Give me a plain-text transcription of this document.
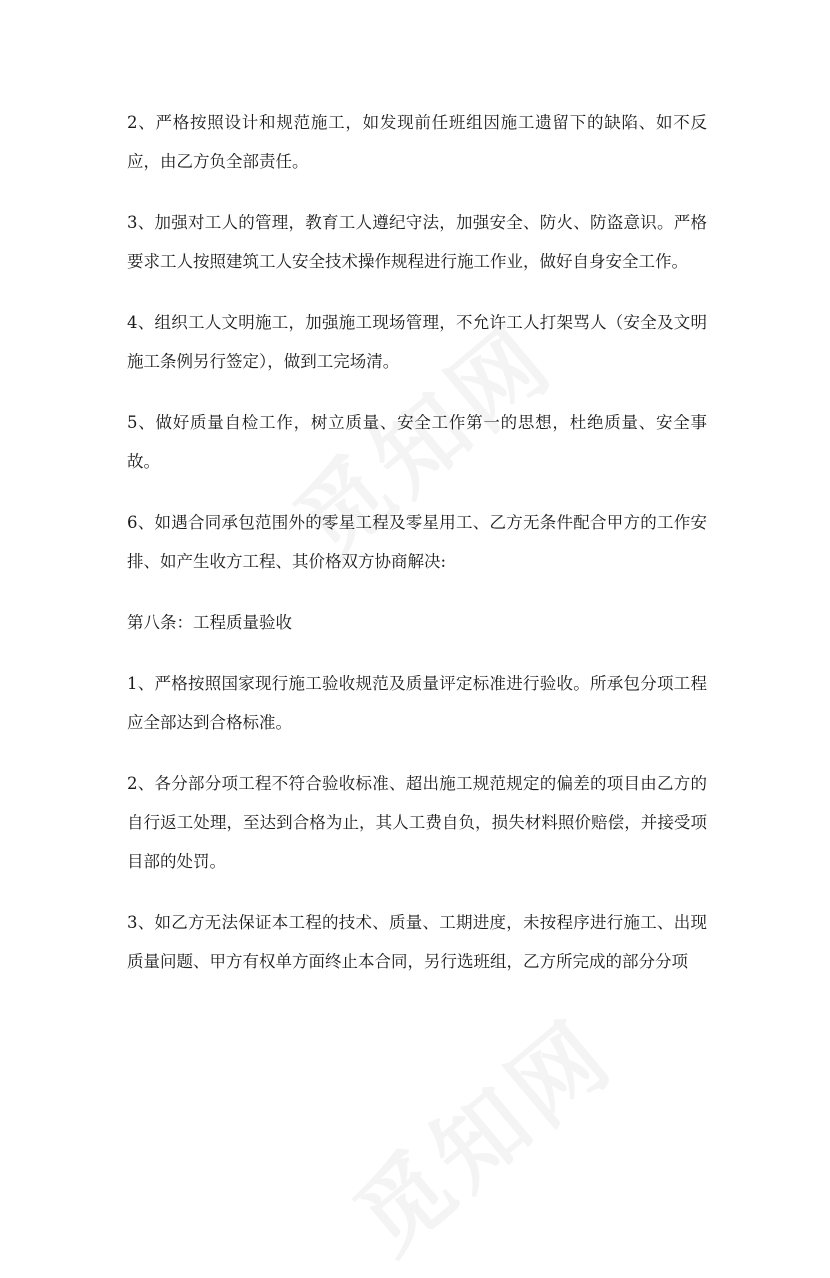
2、严格按照设计和规范施工，如发现前任班组因施工遗留下的缺陷、如不反应，由乙方负全部责任。

3、加强对工人的管理，教育工人遵纪守法，加强安全、防火、防盗意识。严格要求工人按照建筑工人安全技术操作规程进行施工作业，做好自身安全工作。

4、组织工人文明施工，加强施工现场管理，不允许工人打架骂人（安全及文明施工条例另行签定），做到工完场清。

5、做好质量自检工作，树立质量、安全工作第一的思想，杜绝质量、安全事故。

6、如遇合同承包范围外的零星工程及零星用工、乙方无条件配合甲方的工作安排、如产生收方工程、其价格双方协商解决:

第八条：工程质量验收

1、严格按照国家现行施工验收规范及质量评定标准进行验收。所承包分项工程应全部达到合格标准。

2、各分部分项工程不符合验收标准、超出施工规范规定的偏差的项目由乙方的自行返工处理，至达到合格为止，其人工费自负，损失材料照价赔偿，并接受项目部的处罚。

3、如乙方无法保证本工程的技术、质量、工期进度，未按程序进行施工、出现质量问题、甲方有权单方面终止本合同，另行选班组，乙方所完成的部分分项
